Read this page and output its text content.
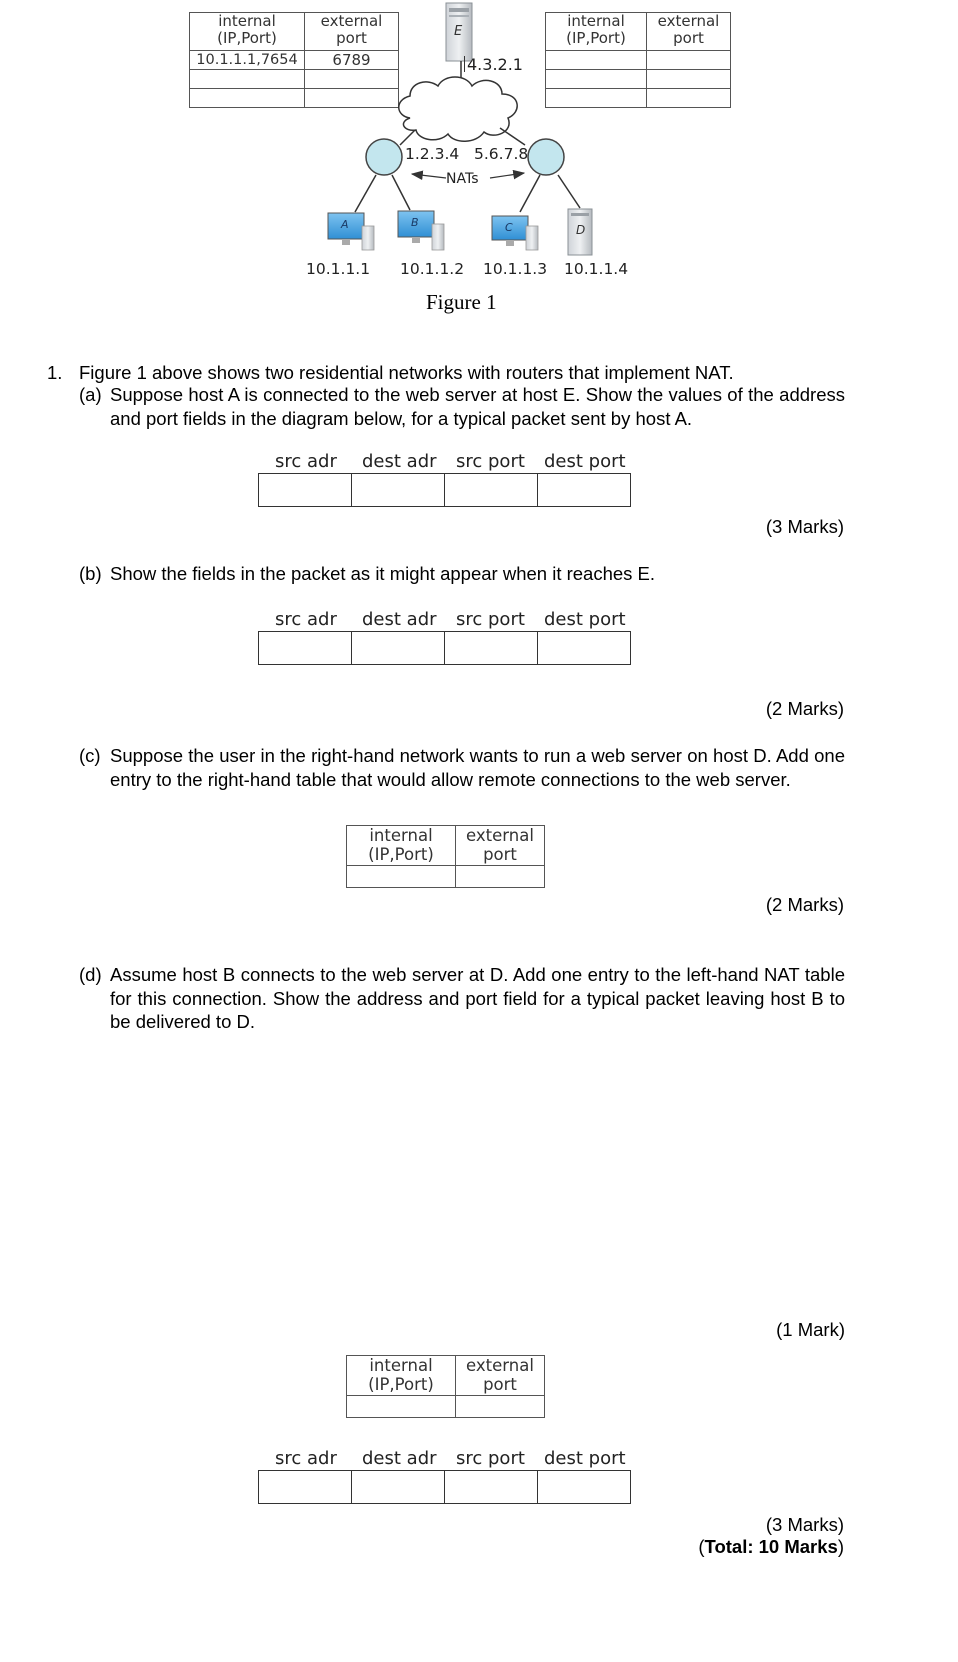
internal
(IP,Port)	external
port
10.1.1.1,7654	6789

internal
(IP,Port)	external
port

E
4.3.2.1
1.2.3.4 5.6.7.8
NATs
A	B	C	D
10.1.1.1 10.1.1.2 10.1.1.3 10.1.1.4
Figure 1
1. Figure 1 above shows two residential networks with routers that implement NAT.
(a) Suppose host A is connected to the web server at host E. Show the values of the address and port fields in the diagram below, for a typical packet sent by host A.
src adr dest adr src port dest port
(3 Marks)
(b) Show the fields in the packet as it might appear when it reaches E.
src adr dest adr src port dest port
(2 Marks)
(c) Suppose the user in the right-hand network wants to run a web server on host D. Add one entry to the right-hand table that would allow remote connections to the web server.
internal
(IP,Port)	external
port

(2 Marks)
(d) Assume host B connects to the web server at D. Add one entry to the left-hand NAT table for this connection. Show the address and port field for a typical packet leaving host B to be delivered to D.
(1 Mark)
internal
(IP,Port)	external
port

src adr dest adr src port dest port
(3 Marks)
(Total: 10 Marks)
